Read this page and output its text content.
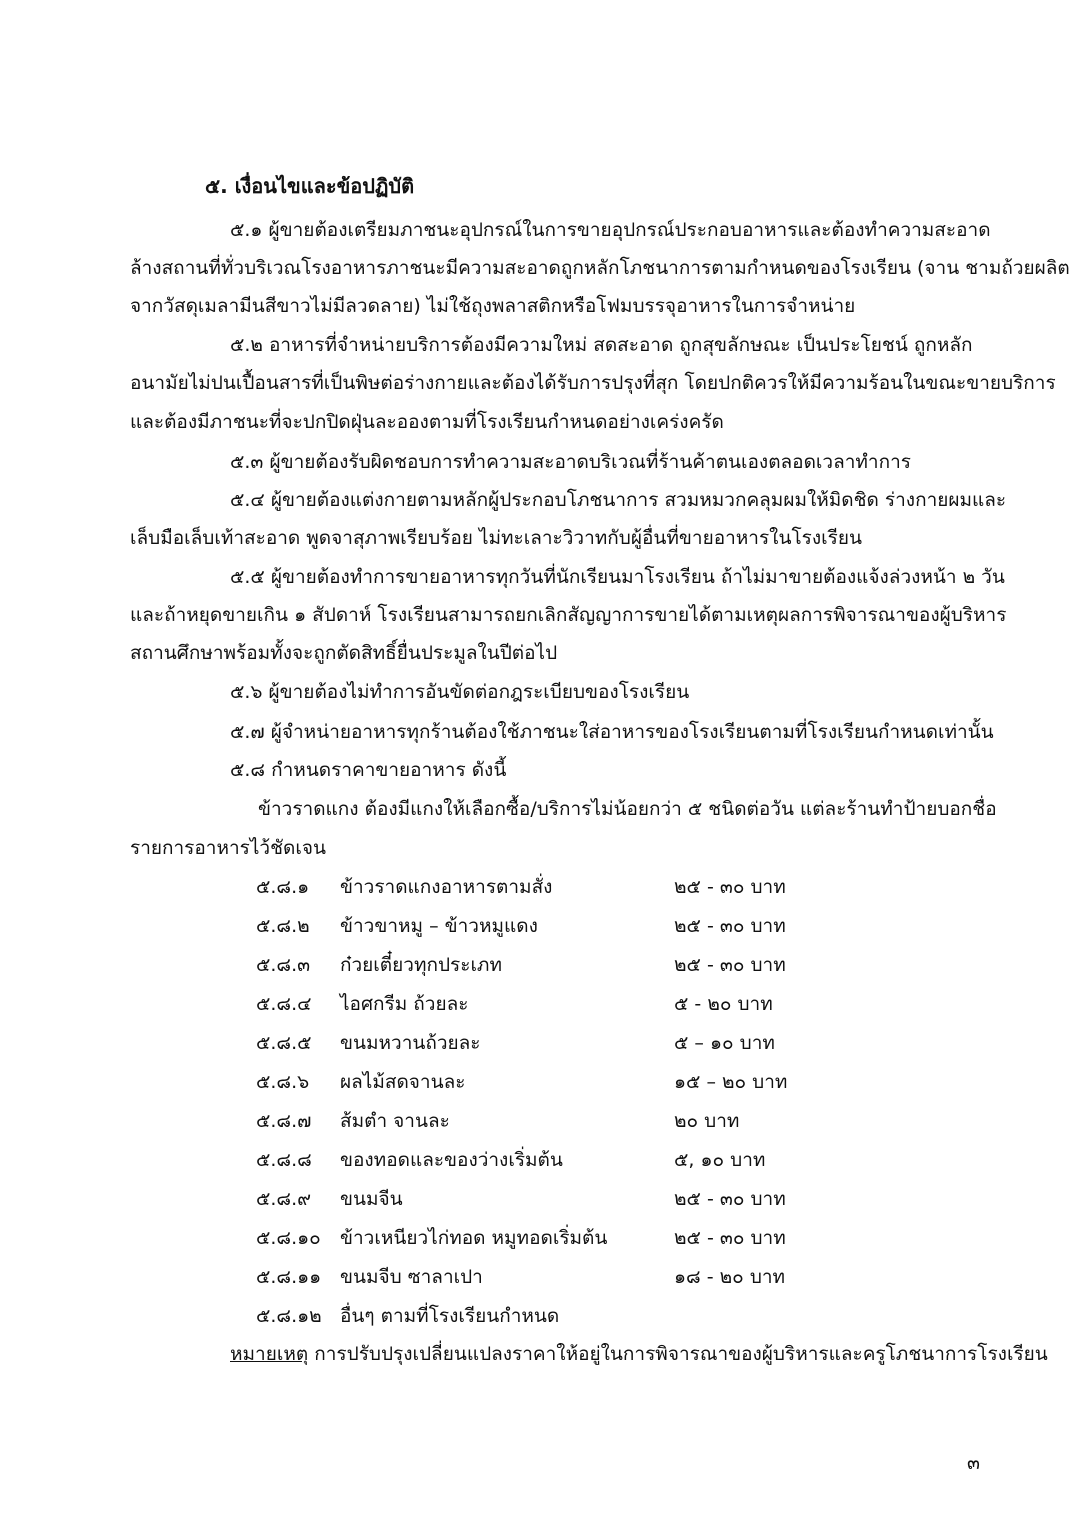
๕. เงื่อนไขและข้อปฏิบัติ
๕.๑ ผู้ขายต้องเตรียมภาชนะอุปกรณ์ในการขายอุปกรณ์ประกอบอาหารและต้องทำความสะอาด
ล้างสถานที่ทั่วบริเวณโรงอาหารภาชนะมีความสะอาดถูกหลักโภชนาการตามกำหนดของโรงเรียน (จาน ชามถ้วยผลิต
จากวัสดุเมลามีนสีขาวไม่มีลวดลาย) ไม่ใช้ถุงพลาสติกหรือโฟมบรรจุอาหารในการจำหน่าย
๕.๒ อาหารที่จำหน่ายบริการต้องมีความใหม่ สดสะอาด ถูกสุขลักษณะ เป็นประโยชน์ ถูกหลัก
อนามัยไม่ปนเปื้อนสารที่เป็นพิษต่อร่างกายและต้องได้รับการปรุงที่สุก โดยปกติควรให้มีความร้อนในขณะขายบริการ
และต้องมีภาชนะที่จะปกปิดฝุ่นละอองตามที่โรงเรียนกำหนดอย่างเคร่งครัด
๕.๓ ผู้ขายต้องรับผิดชอบการทำความสะอาดบริเวณที่ร้านค้าตนเองตลอดเวลาทำการ
๕.๔ ผู้ขายต้องแต่งกายตามหลักผู้ประกอบโภชนาการ สวมหมวกคลุมผมให้มิดชิด ร่างกายผมและ
เล็บมือเล็บเท้าสะอาด พูดจาสุภาพเรียบร้อย ไม่ทะเลาะวิวาทกับผู้อื่นที่ขายอาหารในโรงเรียน
๕.๕ ผู้ขายต้องทำการขายอาหารทุกวันที่นักเรียนมาโรงเรียน ถ้าไม่มาขายต้องแจ้งล่วงหน้า ๒ วัน
และถ้าหยุดขายเกิน ๑ สัปดาห์ โรงเรียนสามารถยกเลิกสัญญาการขายได้ตามเหตุผลการพิจารณาของผู้บริหาร
สถานศึกษาพร้อมทั้งจะถูกตัดสิทธิ์ยื่นประมูลในปีต่อไป
๕.๖ ผู้ขายต้องไม่ทำการอันขัดต่อกฎระเบียบของโรงเรียน
๕.๗ ผู้จำหน่ายอาหารทุกร้านต้องใช้ภาชนะใส่อาหารของโรงเรียนตามที่โรงเรียนกำหนดเท่านั้น
๕.๘ กำหนดราคาขายอาหาร ดังนี้
ข้าวราดแกง ต้องมีแกงให้เลือกซื้อ/บริการไม่น้อยกว่า ๕ ชนิดต่อวัน แต่ละร้านทำป้ายบอกชื่อ
รายการอาหารไว้ชัดเจน
๕.๘.๑ ข้าวราดแกงอาหารตามสั่ง	๒๕ - ๓๐ บาท
๕.๘.๒ ข้าวขาหมู – ข้าวหมูแดง	๒๕ - ๓๐ บาท
๕.๘.๓ ก๋วยเตี๋ยวทุกประเภท	๒๕ - ๓๐ บาท
๕.๘.๔ ไอศกรีม ถ้วยละ	๕ - ๒๐ บาท
๕.๘.๕ ขนมหวานถ้วยละ	๕ – ๑๐ บาท
๕.๘.๖ ผลไม้สดจานละ	๑๕ – ๒๐ บาท
๕.๘.๗ ส้มตำ จานละ	๒๐ บาท
๕.๘.๘ ของทอดและของว่างเริ่มต้น	๕, ๑๐ บาท
๕.๘.๙ ขนมจีน	๒๕ - ๓๐ บาท
๕.๘.๑๐ ข้าวเหนียวไก่ทอด หมูทอดเริ่มต้น	๒๕ - ๓๐ บาท
๕.๘.๑๑ ขนมจีบ ซาลาเปา	๑๘ - ๒๐ บาท
๕.๘.๑๒ อื่นๆ ตามที่โรงเรียนกำหนด
หมายเหตุ การปรับปรุงเปลี่ยนแปลงราคาให้อยู่ในการพิจารณาของผู้บริหารและครูโภชนาการโรงเรียน
๓
